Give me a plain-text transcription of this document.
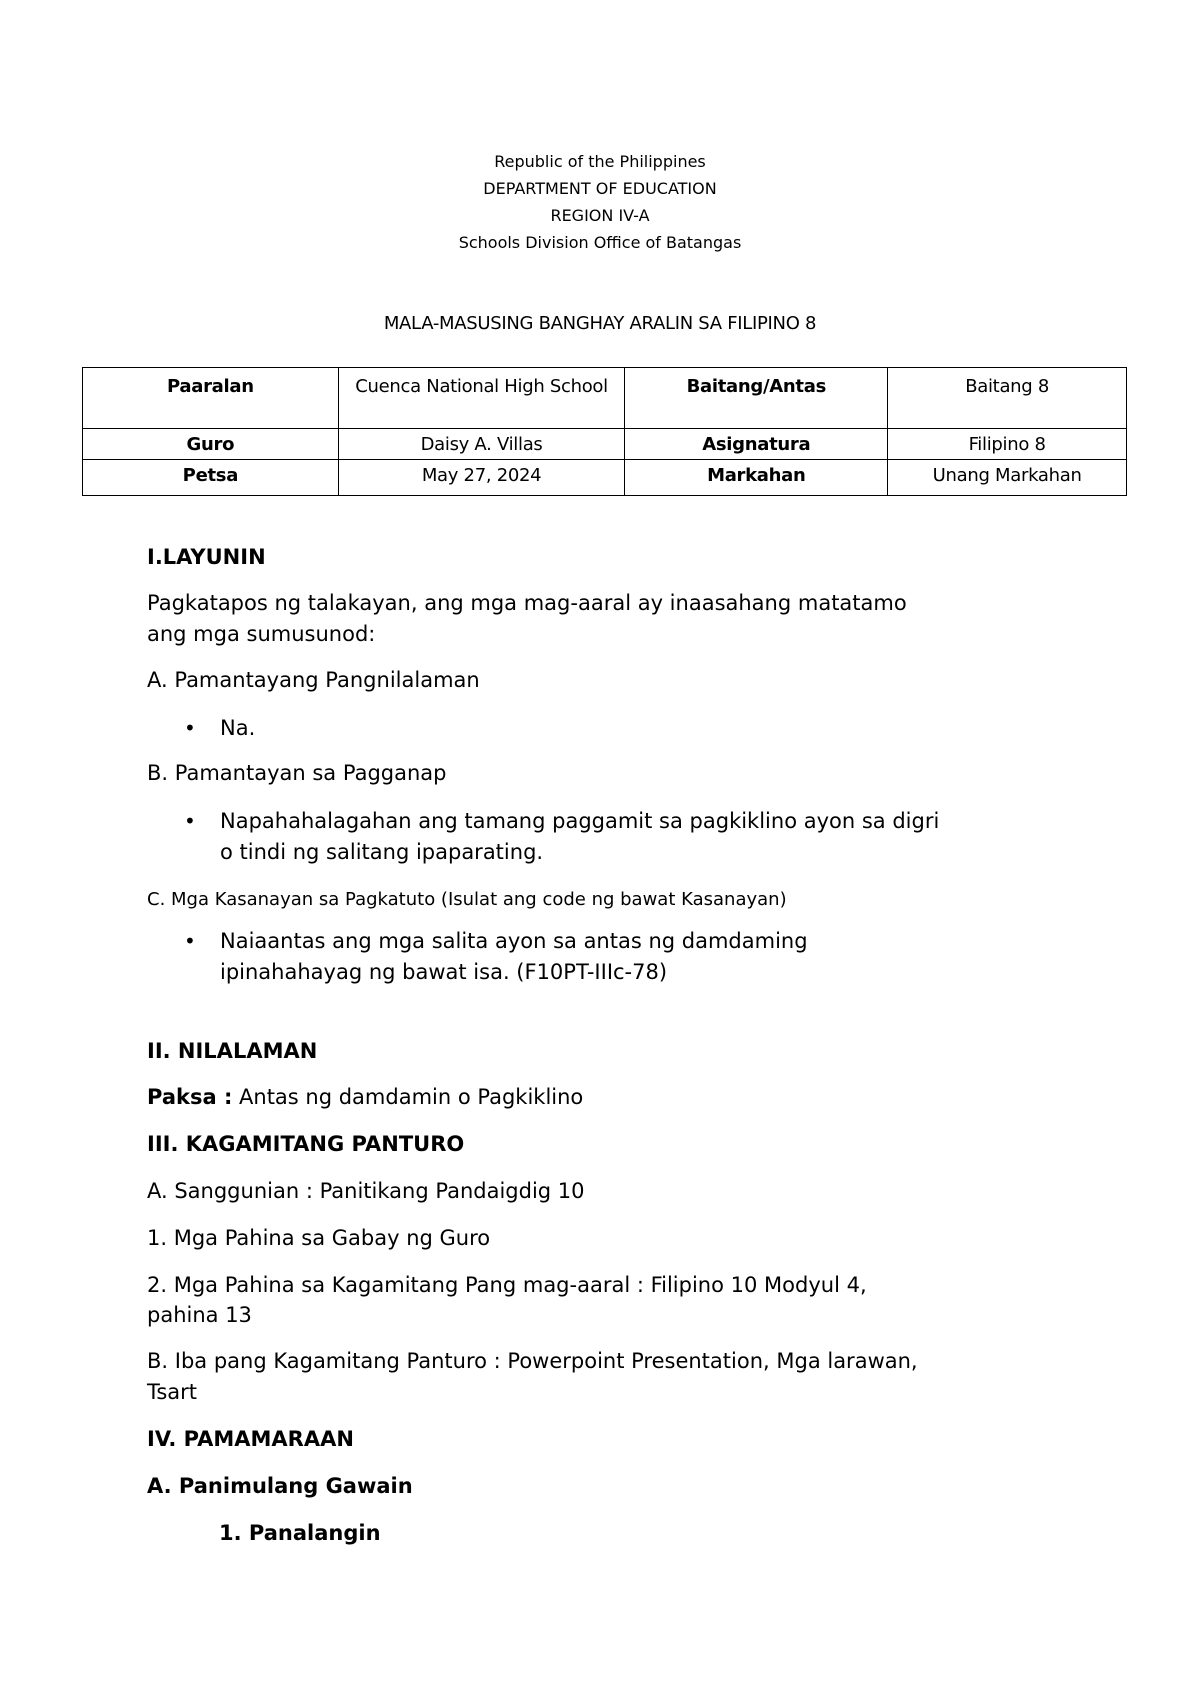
Republic of the Philippines
DEPARTMENT OF EDUCATION
REGION IV-A
Schools Division Office of Batangas
MALA-MASUSING BANGHAY ARALIN SA FILIPINO 8
Paaralan	Cuenca National High School	Baitang/Antas	Baitang 8
Guro	Daisy A. Villas	Asignatura	Filipino 8
Petsa	May 27, 2024	Markahan	Unang Markahan
I.LAYUNIN
Pagkatapos ng talakayan, ang mga mag-aaral ay inaasahang matatamo
ang mga sumusunod:
A. Pamantayang Pangnilalaman
• Na.
B. Pamantayan sa Pagganap
• Napahahalagahan ang tamang paggamit sa pagkiklino ayon sa digri
o tindi ng salitang ipaparating.
C. Mga Kasanayan sa Pagkatuto (Isulat ang code ng bawat Kasanayan)
• Naiaantas ang mga salita ayon sa antas ng damdaming
ipinahahayag ng bawat isa. (F10PT-IIIc-78)
II. NILALAMAN
Paksa : Antas ng damdamin o Pagkiklino
III. KAGAMITANG PANTURO
A. Sanggunian : Panitikang Pandaigdig 10
1. Mga Pahina sa Gabay ng Guro
2. Mga Pahina sa Kagamitang Pang mag-aaral : Filipino 10 Modyul 4,
pahina 13
B. Iba pang Kagamitang Panturo : Powerpoint Presentation, Mga larawan,
Tsart
IV. PAMAMARAAN
A. Panimulang Gawain
1. Panalangin
